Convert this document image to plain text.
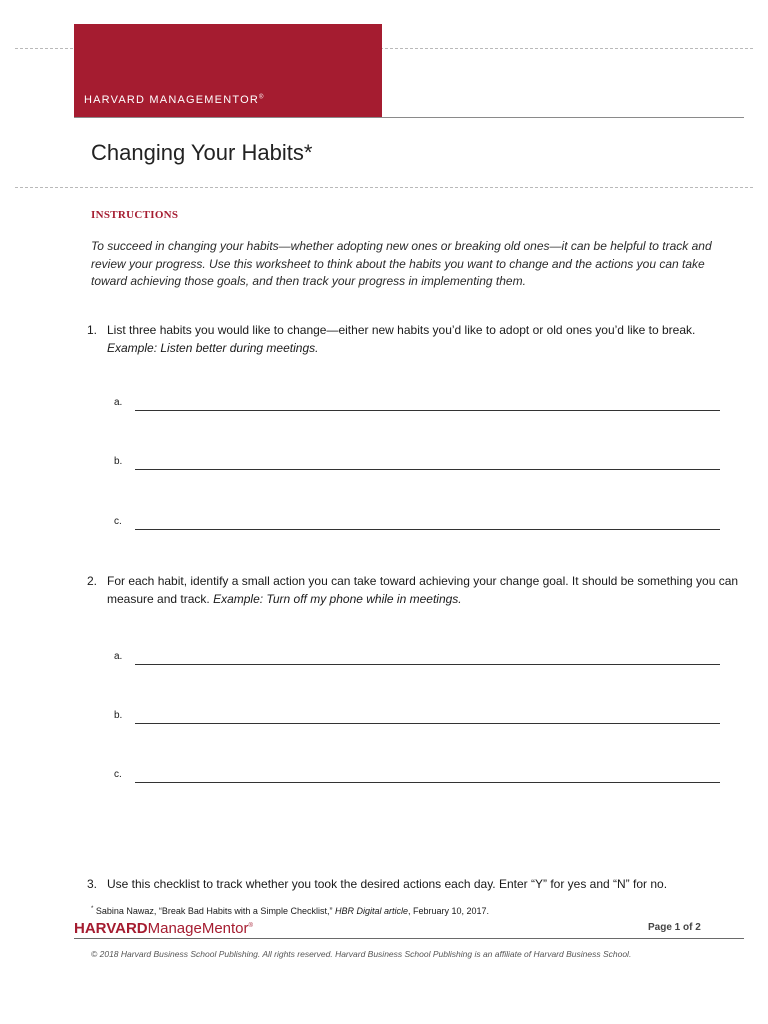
HARVARD MANAGEMENTOR®
Changing Your Habits*
INSTRUCTIONS
To succeed in changing your habits—whether adopting new ones or breaking old ones—it can be helpful to track and review your progress. Use this worksheet to think about the habits you want to change and the actions you can take toward achieving those goals, and then track your progress in implementing them.
1. List three habits you would like to change—either new habits you’d like to adopt or old ones you’d like to break.
Example: Listen better during meetings.
a.
b.
c.
2. For each habit, identify a small action you can take toward achieving your change goal. It should be something you can measure and track. Example: Turn off my phone while in meetings.
a.
b.
c.
3. Use this checklist to track whether you took the desired actions each day. Enter “Y” for yes and “N” for no.
* Sabina Nawaz, “Break Bad Habits with a Simple Checklist,” HBR Digital article, February 10, 2017.
HARVARDManageMentor®	Page 1 of 2
© 2018 Harvard Business School Publishing. All rights reserved. Harvard Business School Publishing is an affiliate of Harvard Business School.
